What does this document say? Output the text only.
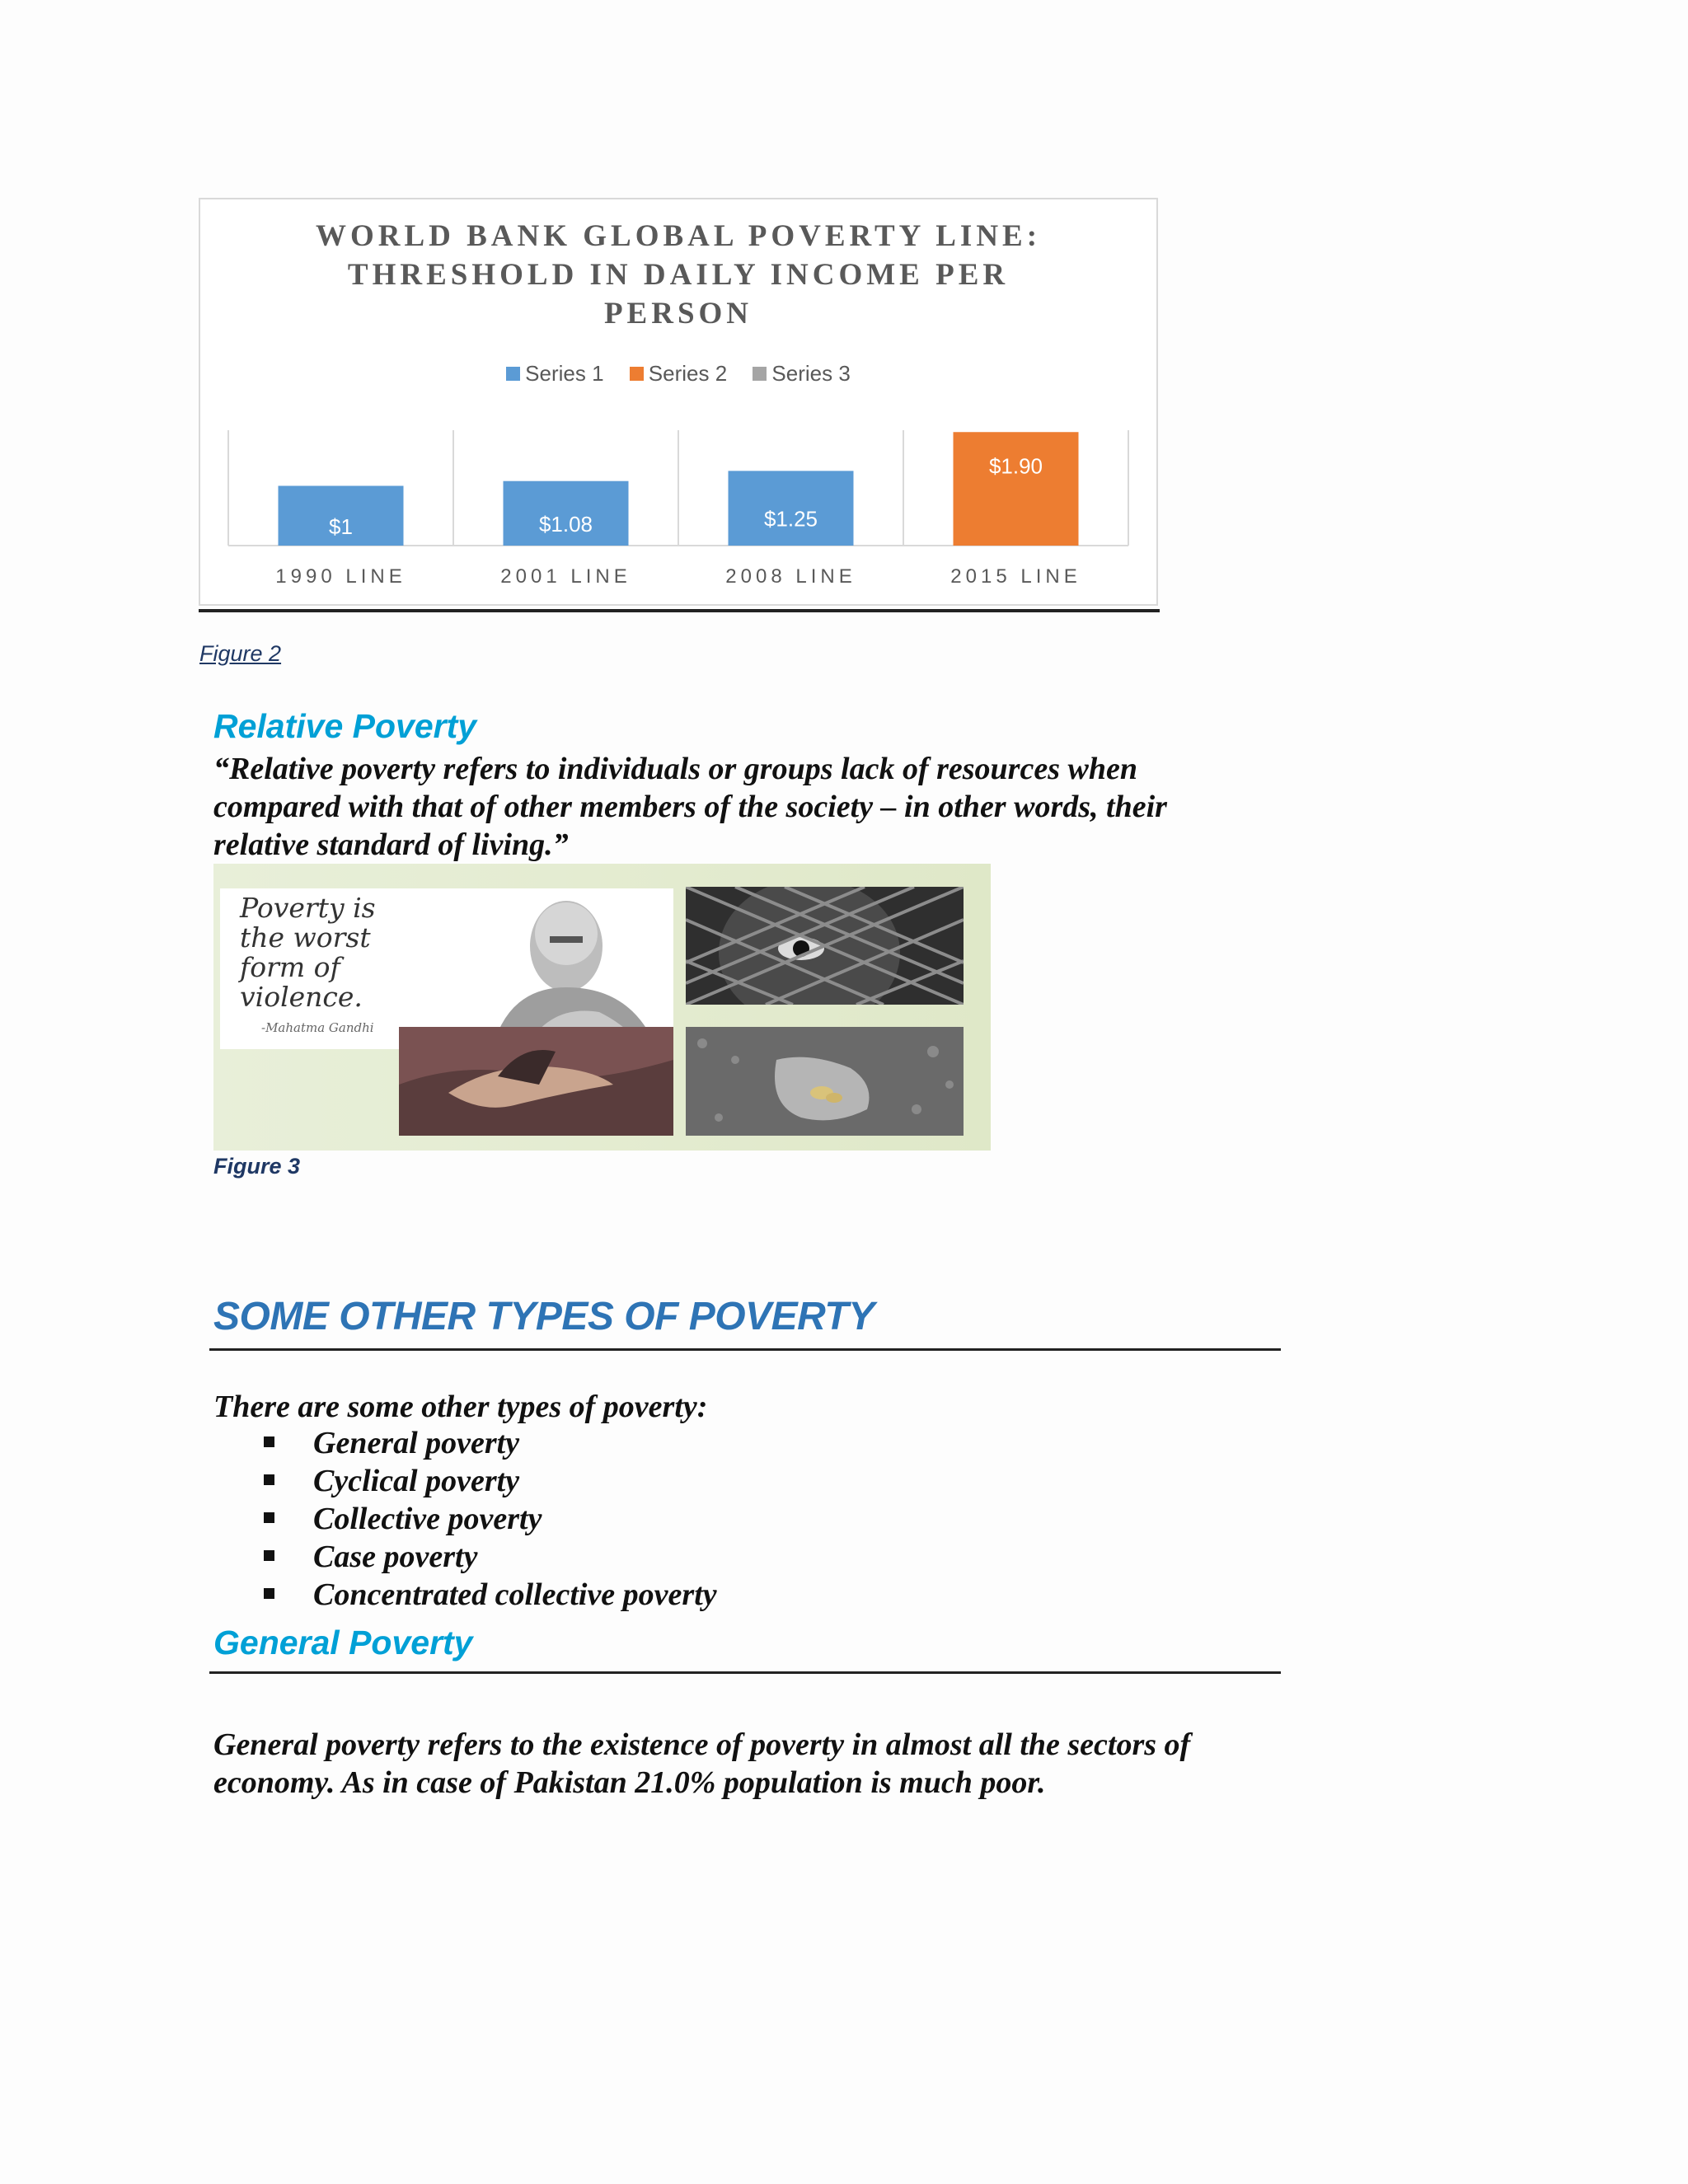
WORLD BANK GLOBAL POVERTY LINE:
THRESHOLD IN DAILY INCOME PER
PERSON
Series 1 Series 2 Series 3
$1
1990 LINE
$1.08
2001 LINE
$1.25
2008 LINE
$1.90
2015 LINE
Figure 2
Relative Poverty
“Relative poverty refers to individuals or groups lack of resources when
compared with that of other members of the society – in other words, their
relative standard of living.”
Poverty is
the worst
form of
violence.
-Mahatma Gandhi
Figure 3
SOME OTHER TYPES OF POVERTY
There are some other types of poverty:
General poverty
Cyclical poverty
Collective poverty
Case poverty
Concentrated collective poverty
General Poverty
General poverty refers to the existence of poverty in almost all the sectors of
economy. As in case of Pakistan 21.0% population is much poor.
